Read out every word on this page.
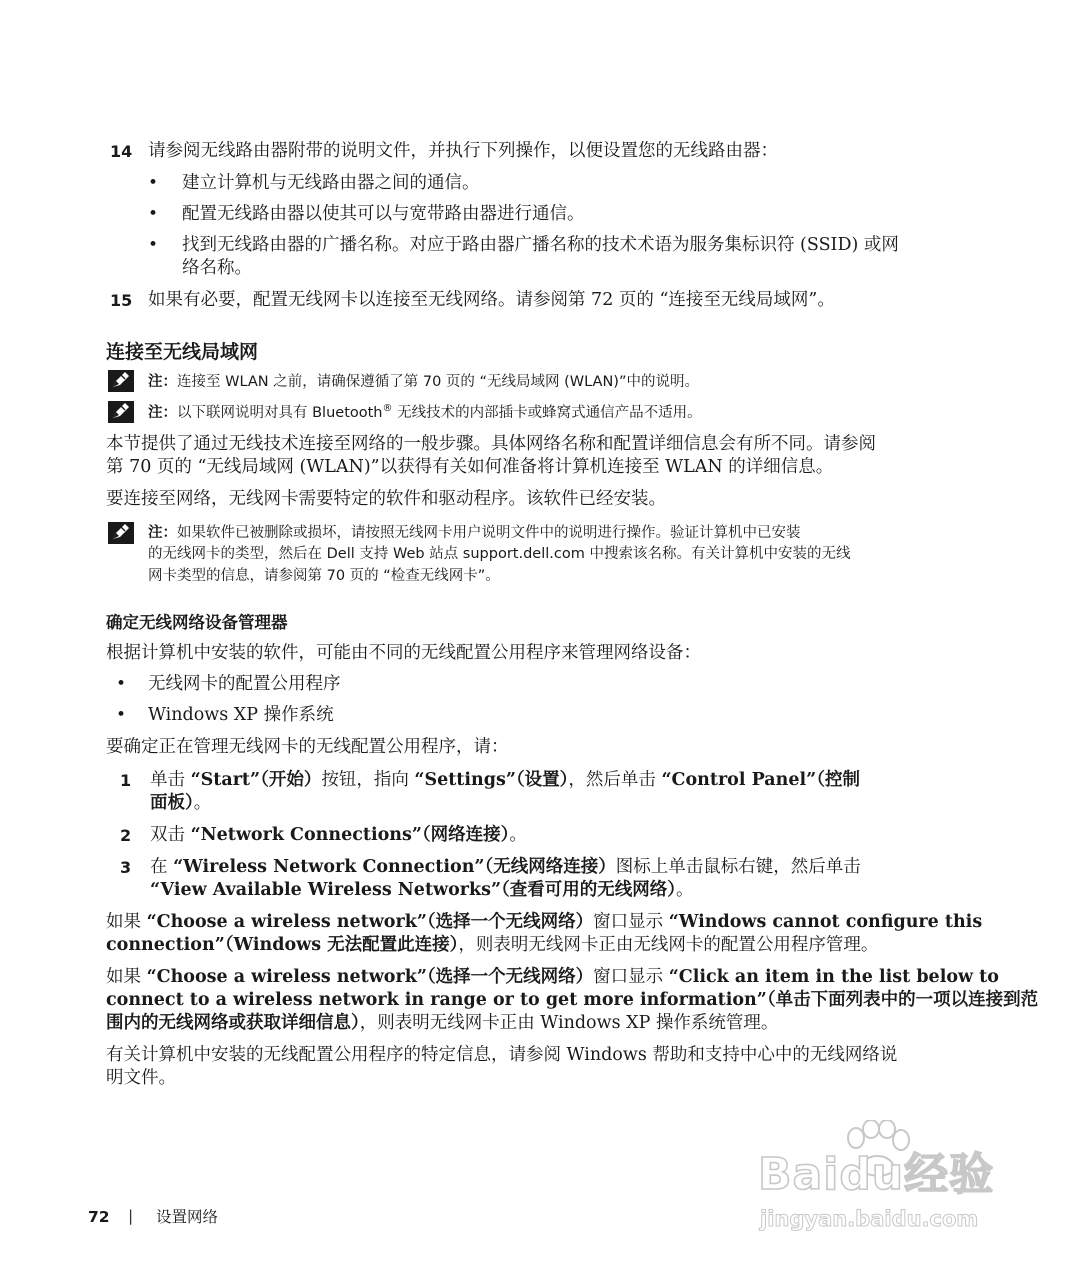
14 请参阅无线路由器附带的说明文件，并执行下列操作，以便设置您的无线路由器：
• 建立计算机与无线路由器之间的通信。
• 配置无线路由器以使其可以与宽带路由器进行通信。
• 找到无线路由器的广播名称。对应于路由器广播名称的技术术语为服务集标识符 (SSID) 或网
络名称。
15 如果有必要，配置无线网卡以连接至无线网络。请参阅第 72 页的 “连接至无线局域网”。
连接至无线局域网
注：连接至 WLAN 之前，请确保遵循了第 70 页的 “无线局域网 (WLAN)”中的说明。
注：以下联网说明对具有 Bluetooth® 无线技术的内部插卡或蜂窝式通信产品不适用。
本节提供了通过无线技术连接至网络的一般步骤。具体网络名称和配置详细信息会有所不同。请参阅
第 70 页的 “无线局域网 (WLAN)”以获得有关如何准备将计算机连接至 WLAN 的详细信息。
要连接至网络，无线网卡需要特定的软件和驱动程序。该软件已经安装。
注：如果软件已被删除或损坏，请按照无线网卡用户说明文件中的说明进行操作。验证计算机中已安装
的无线网卡的类型，然后在 Dell 支持 Web 站点 support.dell.com 中搜索该名称。有关计算机中安装的无线
网卡类型的信息，请参阅第 70 页的 “检查无线网卡”。
确定无线网络设备管理器
根据计算机中安装的软件，可能由不同的无线配置公用程序来管理网络设备：
• 无线网卡的配置公用程序
• Windows XP 操作系统
要确定正在管理无线网卡的无线配置公用程序，请：
1 单击 “Start”（开始）按钮，指向 “Settings”（设置），然后单击 “Control Panel”（控制
面板）。
2 双击 “Network Connections”（网络连接）。
3 在 “Wireless Network Connection”（无线网络连接）图标上单击鼠标右键，然后单击
“View Available Wireless Networks”（查看可用的无线网络）。
如果 “Choose a wireless network”（选择一个无线网络）窗口显示 “Windows cannot configure this
connection”（Windows 无法配置此连接），则表明无线网卡正由无线网卡的配置公用程序管理。
如果 “Choose a wireless network”（选择一个无线网络）窗口显示 “Click an item in the list below to
connect to a wireless network in range or to get more information”（单击下面列表中的一项以连接到范
围内的无线网络或获取详细信息），则表明无线网卡正由 Windows XP 操作系统管理。
有关计算机中安装的无线配置公用程序的特定信息，请参阅 Windows 帮助和支持中心中的无线网络说
明文件。
Baidu经验
jingyan.baidu.com
72 | 设置网络
